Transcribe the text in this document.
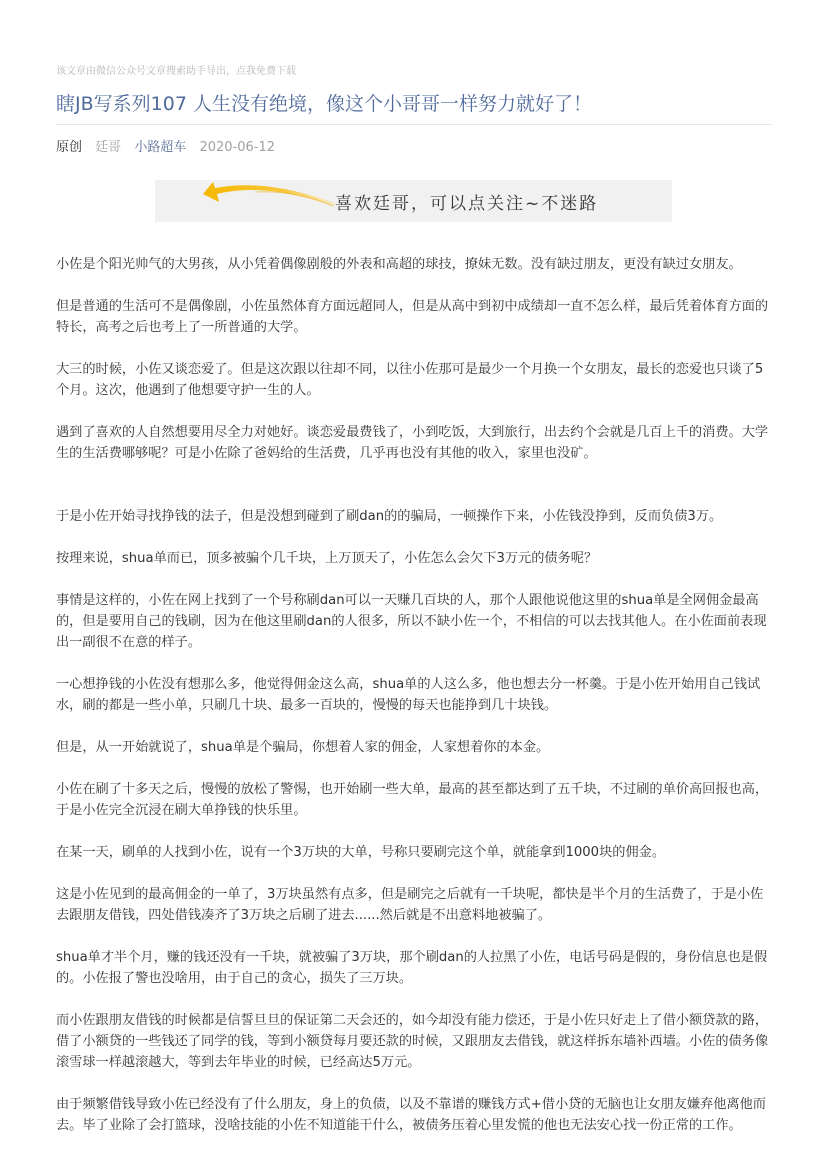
该文章由微信公众号文章搜索助手导出，点我免费下载
瞎JB写系列107 人生没有绝境，像这个小哥哥一样努力就好了！
原创 廷哥 小路超车 2020-06-12
喜欢廷哥，可以点关注~不迷路

小佐是个阳光帅气的大男孩，从小凭着偶像剧般的外表和高超的球技，撩妹无数。没有缺过朋友，更没有缺过女朋友。

但是普通的生活可不是偶像剧，小佐虽然体育方面远超同人，但是从高中到初中成绩却一直不怎么样，最后凭着体育方面的特长，高考之后也考上了一所普通的大学。

大三的时候，小佐又谈恋爱了。但是这次跟以往却不同，以往小佐那可是最少一个月换一个女朋友，最长的恋爱也只谈了5个月。这次，他遇到了他想要守护一生的人。

遇到了喜欢的人自然想要用尽全力对她好。谈恋爱最费钱了，小到吃饭，大到旅行，出去约个会就是几百上千的消费。大学生的生活费哪够呢？可是小佐除了爸妈给的生活费，几乎再也没有其他的收入，家里也没矿。

于是小佐开始寻找挣钱的法子，但是没想到碰到了刷dan的的骗局，一顿操作下来，小佐钱没挣到，反而负债3万。

按理来说，shua单而已，顶多被骗个几千块，上万顶天了，小佐怎么会欠下3万元的债务呢？

事情是这样的，小佐在网上找到了一个号称刷dan可以一天赚几百块的人，那个人跟他说他这里的shua单是全网佣金最高的，但是要用自己的钱刷，因为在他这里刷dan的人很多，所以不缺小佐一个，不相信的可以去找其他人。在小佐面前表现出一副很不在意的样子。

一心想挣钱的小佐没有想那么多，他觉得佣金这么高，shua单的人这么多，他也想去分一杯羹。于是小佐开始用自己钱试水，刷的都是一些小单，只刷几十块、最多一百块的，慢慢的每天也能挣到几十块钱。

但是，从一开始就说了，shua单是个骗局，你想着人家的佣金，人家想着你的本金。

小佐在刷了十多天之后，慢慢的放松了警惕，也开始刷一些大单，最高的甚至都达到了五千块，不过刷的单价高回报也高，于是小佐完全沉浸在刷大单挣钱的快乐里。

在某一天，刷单的人找到小佐，说有一个3万块的大单，号称只要刷完这个单，就能拿到1000块的佣金。

这是小佐见到的最高佣金的一单了，3万块虽然有点多，但是刷完之后就有一千块呢，都快是半个月的生活费了，于是小佐去跟朋友借钱，四处借钱凑齐了3万块之后刷了进去......然后就是不出意料地被骗了。

shua单才半个月，赚的钱还没有一千块，就被骗了3万块，那个刷dan的人拉黑了小佐，电话号码是假的，身份信息也是假的。小佐报了警也没啥用，由于自己的贪心，损失了三万块。

而小佐跟朋友借钱的时候都是信誓旦旦的保证第二天会还的，如今却没有能力偿还，于是小佐只好走上了借小额贷款的路，借了小额贷的一些钱还了同学的钱，等到小额贷每月要还款的时候，又跟朋友去借钱，就这样拆东墙补西墙。小佐的债务像滚雪球一样越滚越大，等到去年毕业的时候，已经高达5万元。

由于频繁借钱导致小佐已经没有了什么朋友，身上的负债，以及不靠谱的赚钱方式+借小贷的无脑也让女朋友嫌弃他离他而去。毕了业除了会打篮球，没啥技能的小佐不知道能干什么，被债务压着心里发慌的他也无法安心找一份正常的工作。
